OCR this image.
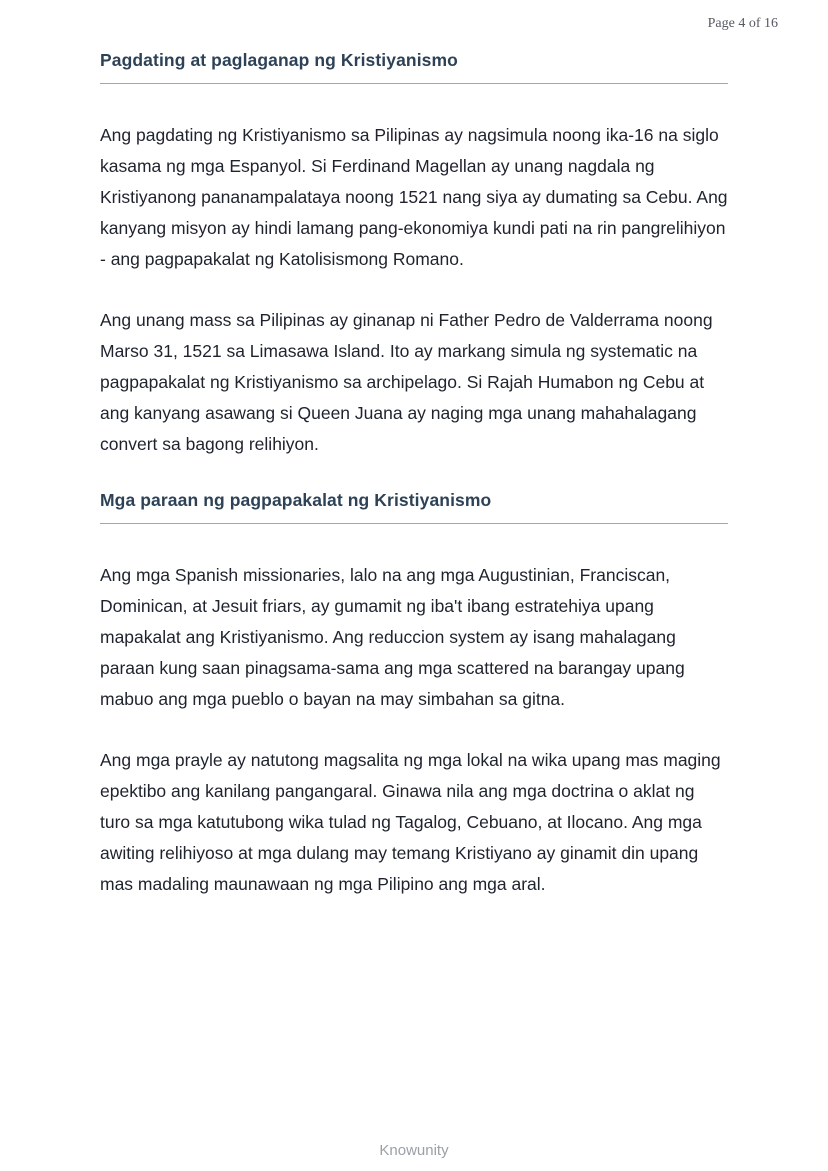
Page 4 of 16
Pagdating at paglaganap ng Kristiyanismo

Ang pagdating ng Kristiyanismo sa Pilipinas ay nagsimula noong ika-16 na siglo kasama ng mga Espanyol. Si Ferdinand Magellan ay unang nagdala ng Kristiyanong pananampalataya noong 1521 nang siya ay dumating sa Cebu. Ang kanyang misyon ay hindi lamang pang-ekonomiya kundi pati na rin pangrelihiyon - ang pagpapakalat ng Katolisismong Romano.

Ang unang mass sa Pilipinas ay ginanap ni Father Pedro de Valderrama noong Marso 31, 1521 sa Limasawa Island. Ito ay markang simula ng systematic na pagpapakalat ng Kristiyanismo sa archipelago. Si Rajah Humabon ng Cebu at ang kanyang asawang si Queen Juana ay naging mga unang mahahalagang convert sa bagong relihiyon.

Mga paraan ng pagpapakalat ng Kristiyanismo

Ang mga Spanish missionaries, lalo na ang mga Augustinian, Franciscan, Dominican, at Jesuit friars, ay gumamit ng iba't ibang estratehiya upang mapakalat ang Kristiyanismo. Ang reduccion system ay isang mahalagang paraan kung saan pinagsama-sama ang mga scattered na barangay upang mabuo ang mga pueblo o bayan na may simbahan sa gitna.

Ang mga prayle ay natutong magsalita ng mga lokal na wika upang mas maging epektibo ang kanilang pangangaral. Ginawa nila ang mga doctrina o aklat ng turo sa mga katutubong wika tulad ng Tagalog, Cebuano, at Ilocano. Ang mga awiting relihiyoso at mga dulang may temang Kristiyano ay ginamit din upang mas madaling maunawaan ng mga Pilipino ang mga aral.

Knowunity
